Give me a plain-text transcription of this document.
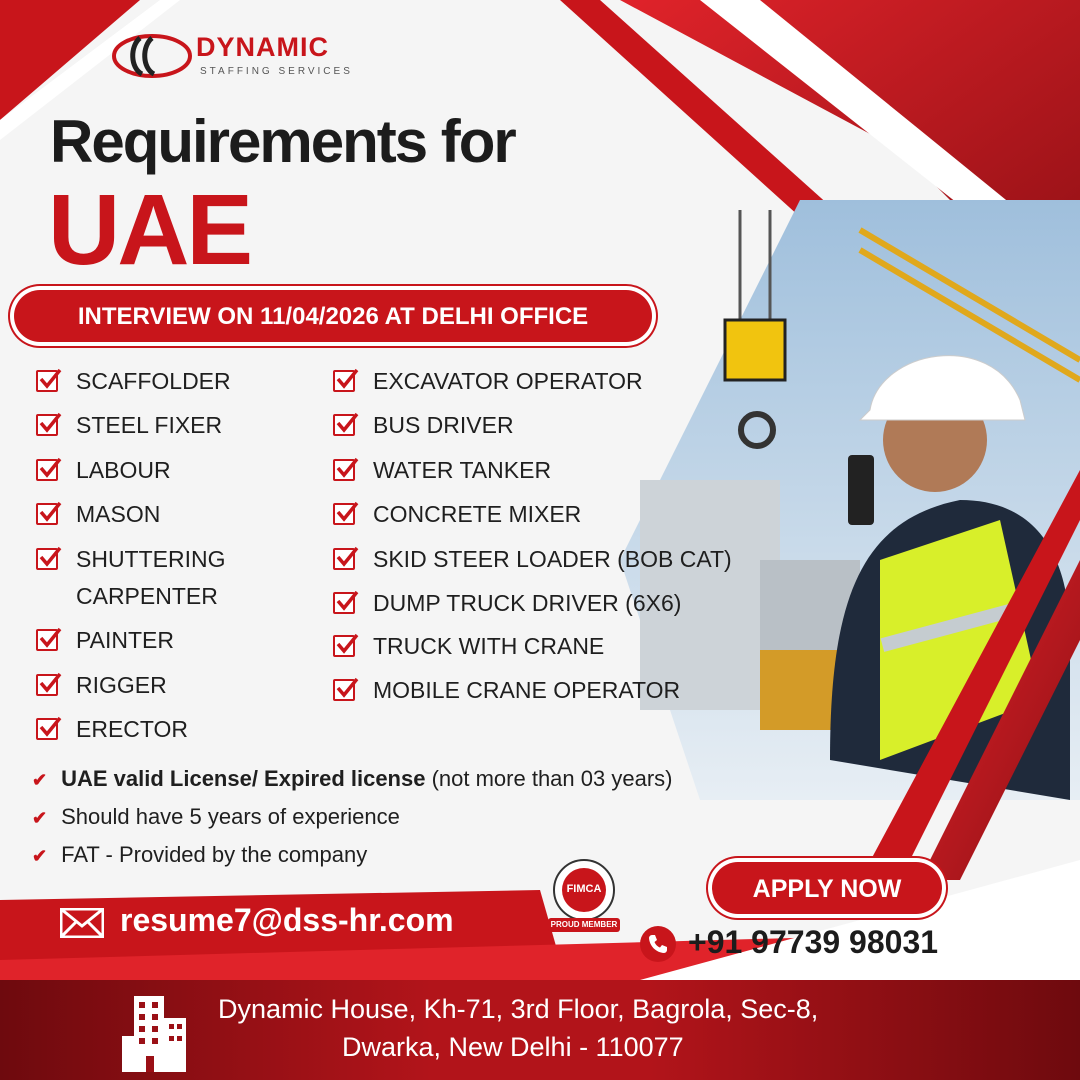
DYNAMIC
STAFFING SERVICES
Requirements for
UAE
INTERVIEW ON 11/04/2026 AT DELHI OFFICE
SCAFFOLDER
STEEL FIXER
LABOUR
MASON
SHUTTERING
CARPENTER
PAINTER
RIGGER
ERECTOR
EXCAVATOR OPERATOR
BUS DRIVER
WATER TANKER
CONCRETE MIXER
SKID STEER LOADER (BOB CAT)
DUMP TRUCK DRIVER (6X6)
TRUCK WITH CRANE
MOBILE CRANE OPERATOR
✔ UAE valid License/ Expired license (not more than 03 years)
✔ Should have 5 years of experience
✔ FAT - Provided by the company
resume7@dss-hr.com
FIMCA
PROUD MEMBER
APPLY NOW
+91 97739 98031
Dynamic House, Kh-71, 3rd Floor, Bagrola, Sec-8,
Dwarka, New Delhi - 110077
